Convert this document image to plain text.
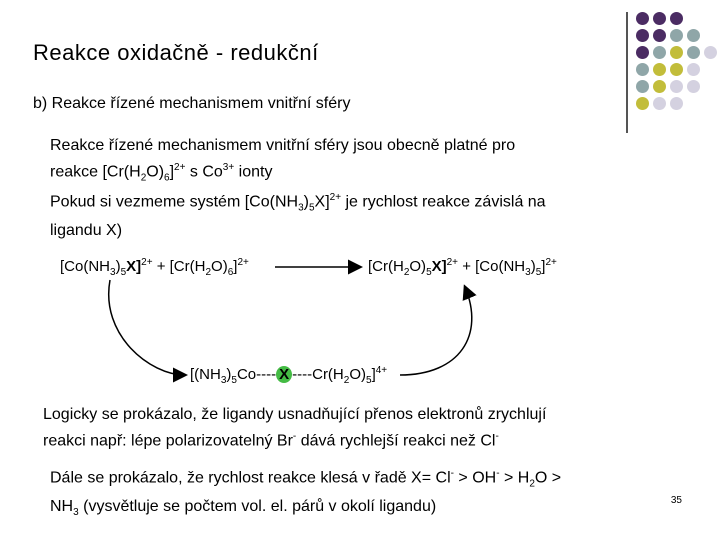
Reakce oxidačně - redukční
b) Reakce řízené mechanismem vnitřní sféry
Reakce řízené mechanismem vnitřní sféry jsou obecně platné pro
reakce $[Cr(H_2O)_6]^{2+}$ s $Co^{3+}$ ionty
Pokud si vezmeme systém $[Co(NH_3)_5X]^{2+}$ je rychlost reakce závislá na
ligandu X)
$[Co(NH_3)_5X]^{2+} + [Cr(H_2O)_6]^{2+}$	$[Cr(H_2O)_5X]^{2+} + [Co(NH_3)_5]^{2+}$
[$(NH_3)_5Co----$ X $----Cr(H_2O)_5]^{4+}$
Logicky se prokázalo, že ligandy usnadňující přenos elektronů zrychlují
reakci např: lépe polarizovatelný Br- dává rychlejší reakci než Cl-
Dále se prokázalo, že rychlost reakce klesá v řadě $X= Cl^- > OH^- > H_2O$ >
$NH_3$ (vysvětluje se počtem vol. el. párů v okolí ligandu)	35
